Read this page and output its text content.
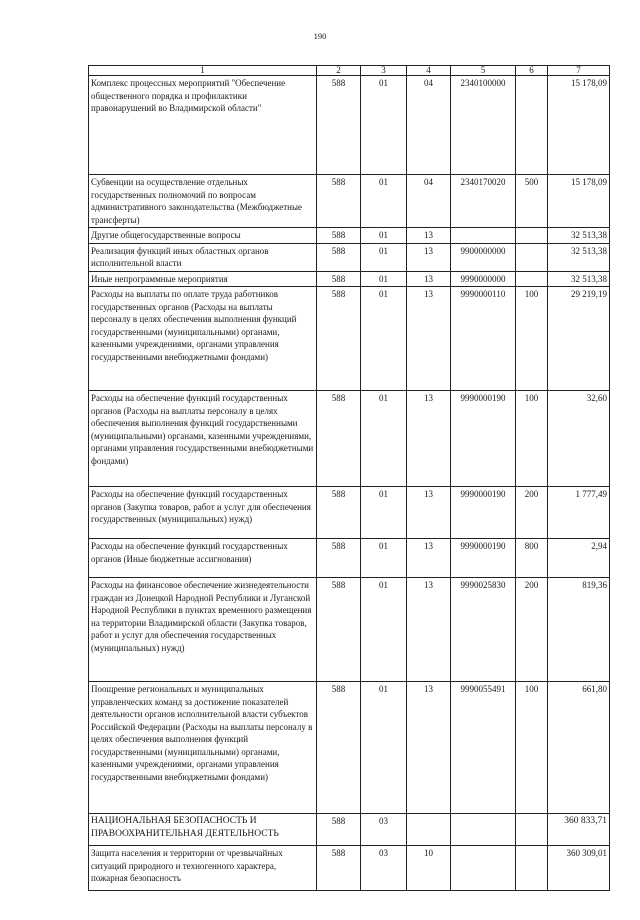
190
1	2	3	4	5	6	7
Комплекс процессных мероприятий "Обеспечение общественного порядка и профилактики правонарушений во Владимирской области"	588	01	04	2340100000		15 178,09
Субвенции на осуществление отдельных государственных полномочий по вопросам административного законодательства (Межбюджетные трансферты)	588	01	04	2340170020	500	15 178,09
Другие общегосударственные вопросы	588	01	13			32 513,38
Реализация функций иных областных органов исполнительной власти	588	01	13	9900000000		32 513,38
Иные непрограммные мероприятия	588	01	13	9990000000		32 513,38
Расходы на выплаты по оплате труда работников государственных органов (Расходы на выплаты персоналу в целях обеспечения выполнения функций государственными (муниципальными) органами, казенными учреждениями, органами управления государственными внебюджетными фондами)	588	01	13	9990000110	100	29 219,19
Расходы на обеспечение функций государственных органов (Расходы на выплаты персоналу в целях обеспечения выполнения функций государственными (муниципальными) органами, казенными учреждениями, органами управления государственными внебюджетными фондами)	588	01	13	9990000190	100	32,60
Расходы на обеспечение функций государственных органов (Закупка товаров, работ и услуг для обеспечения государственных (муниципальных) нужд)	588	01	13	9990000190	200	1 777,49
Расходы на обеспечение функций государственных органов (Иные бюджетные ассигнования)	588	01	13	9990000190	800	2,94
Расходы на финансовое обеспечение жизнедеятельности граждан из Донецкой Народной Республики и Луганской Народной Республики в пунктах временного размещения на территории Владимирской области (Закупка товаров, работ и услуг для обеспечения государственных (муниципальных) нужд)	588	01	13	9990025830	200	819,36
Поощрение региональных и муниципальных управленческих команд за достижение показателей деятельности органов исполнительной власти субъектов Российской Федерации (Расходы на выплаты персоналу в целях обеспечения выполнения функций государственными (муниципальными) органами, казенными учреждениями, органами управления государственными внебюджетными фондами)	588	01	13	9990055491	100	661,80
НАЦИОНАЛЬНАЯ БЕЗОПАСНОСТЬ И ПРАВООХРАНИТЕЛЬНАЯ ДЕЯТЕЛЬНОСТЬ	588	03				360 833,71
Защита населения и территории от чрезвычайных ситуаций природного и техногенного характера, пожарная безопасность	588	03	10			360 309,01
